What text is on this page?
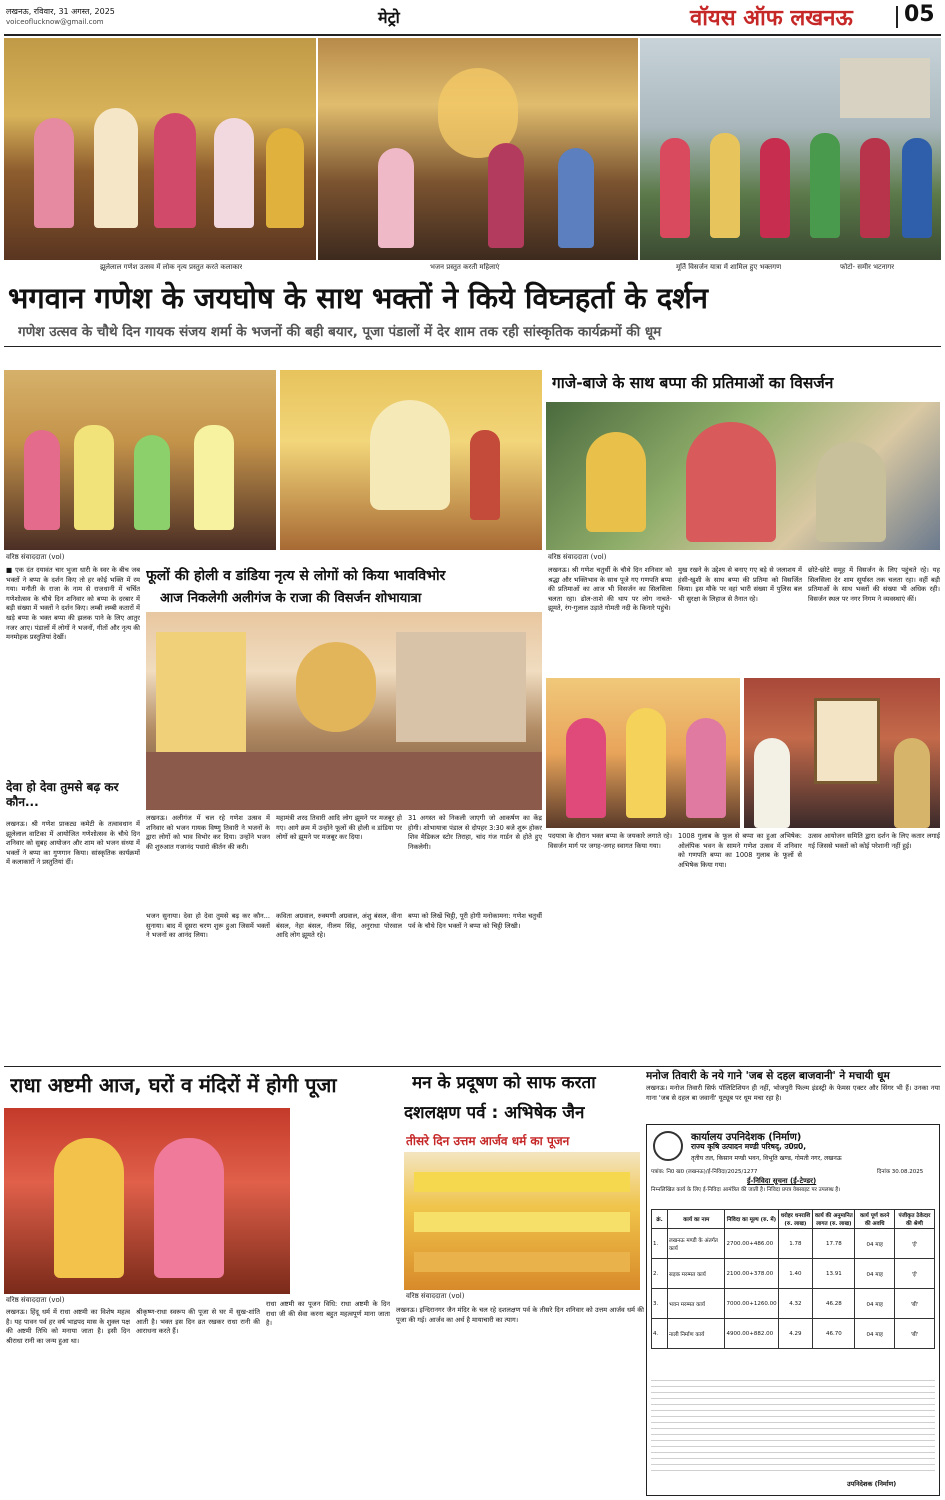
लखनऊ, रविवार, 31 अगस्त, 2025
voiceoflucknow@gmail.com	मेट्रो	वॉयस ऑफ लखनऊ 05
झूलेलाल गणेश उत्सव में लोक नृत्य प्रस्तुत करते कलाकार	भजन प्रस्तुत करती महिलाएं	मूर्ति विसर्जन यात्रा में शामिल हुए भक्तगण	फोटो- समीर भटनागर
भगवान गणेश के जयघोष के साथ भक्तों ने किये विघ्नहर्ता के दर्शन
गणेश उत्सव के चौथे दिन गायक संजय शर्मा के भजनों की बही बयार, पूजा पंडालों में देर शाम तक रही सांस्कृतिक कार्यक्रमों की धूम
गाजे-बाजे के साथ बप्पा की प्रतिमाओं का विसर्जन
वरिष्ठ संवाददाता (vol)	वरिष्ठ संवाददाता (vol)

■ एक दंत दयावंत चार भुजा धारी के स्वर के बीच जब भक्तों ने बप्पा के दर्शन किए तो हर कोई भक्ति में रम गया। मनौती के राजा के नाम से राजधानी में चर्चित गणेशोत्सव के चौथे दिन शनिवार को बप्पा के दरबार में बड़ी संख्या में भक्तों ने दर्शन किए। लम्बी लम्बी कतारों में खड़े बप्पा के भक्त बप्पा की झलक पाने के लिए आतुर नजर आए। पंडालों में लोगों ने भजनों, गीतों और नृत्य की मनमोहक प्रस्तुतियां देखीं।

देवा हो देवा तुमसे बढ़ कर कौन...

लखनऊ। श्री गणेश प्राकट्य कमेटी के तत्वावधान में झूलेलाल वाटिका में आयोजित गणेशोत्सव के चौथे दिन शनिवार को सुबह आयोजन और शाम को भजन संध्या में भक्तों ने बप्पा का गुणगान किया। सांस्कृतिक कार्यक्रमों में कलाकारों ने प्रस्तुतियां दीं।

फूलों की होली व डांडिया नृत्य से लोगों को किया भावविभोर
आज निकलेगी अलीगंज के राजा की विसर्जन शोभायात्रा

लखनऊ। अलीगंज में चल रहे गणेश उत्सव में शनिवार को भजन गायक विष्णु तिवारी ने भजनों के द्वारा लोगों को भाव विभोर कर दिया। उन्होंने भजन की शुरुआत गजानंद पधारो कीर्तन की करी।

महामंत्री शरद तिवारी आदि लोग झूमने पर मजबूर हो गए। आगे क्रम में उन्होंने फूलों की होली व डांडिया पर लोगों को झूमने पर मजबूर कर दिया।

31 अगस्त को निकली जाएगी जो आकर्षण का केंद्र होगी। शोभायात्रा पंडाल से दोपहर 3:30 बजे शुरू होकर शिव मेडिकल स्टोर तिराहा, चांद गंज गार्डन से होते हुए निकलेगी।

भजन सुनाया। देवा हो देवा तुमसे बढ़ कर कौन... सुनाया। बाद में दूसरा चरण शुरू हुआ जिसमें भक्तों ने भजनों का आनंद लिया।

कविता अग्रवाल, रुक्मणी अग्रवाल, अंशु बंसल, वीना बंसल, नेहा बंसल, नीलम सिंह, अनुराधा पोरवाल आदि लोग झूमते रहे।

बप्पा को लिखें चिट्ठी, पूरी होगी मनोकामना: गणेश चतुर्थी पर्व के चौथे दिन भक्तों ने बप्पा को चिट्ठी लिखी।

लखनऊ। श्री गणेश चतुर्थी के चौथे दिन शनिवार को श्रद्धा और भक्तिभाव के साथ पूजे गए गणपति बप्पा की प्रतिमाओं का आज भी विसर्जन का सिलसिला चलता रहा। ढोल-ताशे की थाप पर लोग नाचते-झूमते, रंग-गुलाल उड़ाते गोमती नदी के किनारे पहुंचे।

मुख रखने के उद्देश्य से बनाए गए बड़े से जलाशय में हंसी-खुशी के साथ बप्पा की प्रतिमा को विसर्जित किया। इस मौके पर वहां भारी संख्या में पुलिस बल भी सुरक्षा के लिहाज से तैनात रहे।

छोटे-छोटे समूह में विसर्जन के लिए पहुंचते रहे। यह सिलसिला देर शाम सूर्यास्त तक चलता रहा। वहीं बड़ी प्रतिमाओं के साथ भक्तों की संख्या भी अधिक रही। विसर्जन स्थल पर नगर निगम ने व्यवस्थाएं कीं।

पदयात्रा के दौरान भक्त बप्पा के जयकारे लगाते रहे। विसर्जन मार्ग पर जगह-जगह स्वागत किया गया।

1008 गुलाब के फूल से बप्पा का हुआ अभिषेक: ओलंपिक भवन के सामने गणेश उत्सव में शनिवार को गणपति बप्पा का 1008 गुलाब के फूलों से अभिषेक किया गया।

उत्सव आयोजन समिति द्वारा दर्शन के लिए कतार लगाई गई जिससे भक्तों को कोई परेशानी नहीं हुई।

राधा अष्टमी आज, घरों व मंदिरों में होगी पूजा
वरिष्ठ संवाददाता (vol)

लखनऊ। हिंदू धर्म में राधा अष्टमी का विशेष महत्व है। यह पावन पर्व हर वर्ष भाद्रपद मास के शुक्ल पक्ष की अष्टमी तिथि को मनाया जाता है। इसी दिन श्रीराधा रानी का जन्म हुआ था।

श्रीकृष्ण-राधा स्वरूप की पूजा से घर में सुख-शांति आती है। भक्त इस दिन व्रत रखकर राधा रानी की आराधना करते हैं।

राधा अष्टमी का पूजन विधि: राधा अष्टमी के दिन राधा जी की सेवा करना बहुत महत्वपूर्ण माना जाता है।

मन के प्रदूषण को साफ करता
दशलक्षण पर्व : अभिषेक जैन
तीसरे दिन उत्तम आर्जव धर्म का पूजन
वरिष्ठ संवाददाता (vol)

लखनऊ। इन्दिरानगर जैन मंदिर के चल रहे दशलक्षण पर्व के तीसरे दिन शनिवार को उत्तम आर्जव धर्म की पूजा की गई। आर्जव का अर्थ है मायाचारी का त्याग।

मनोज तिवारी के नये गाने 'जब से दहल बाजवानी' ने मचायी धूम

लखनऊ। मनोज तिवारी सिर्फ पॉलिटिशियन ही नहीं, भोजपुरी फिल्म इंडस्ट्री के फेमस एक्टर और सिंगर भी हैं। उनका नया गाना 'जब से दहल बा जवानी' यूट्यूब पर धूम मचा रहा है।

कार्यालय उपनिदेशक (निर्माण)
राज्य कृषि उत्पादन मण्डी परिषद्, उ0प्र0,
तृतीय तल, किसान मण्डी भवन, विभूति खण्ड, गोमती नगर, लखनऊ
पत्रांक: नि0 ख0 (लखनऊ)/ई-निविदा/2025/1277	दिनांक 30.08.2025
ई-निविदा सूचना (ई-टेण्डर)
निम्नलिखित कार्य के लिए ई-निविदा आमंत्रित की जाती है। निविदा प्रपत्र वेबसाइट पर उपलब्ध है।
क्रं.	कार्य का नाम	निविदा का मूल्य (रु. में)	धरोहर धनराशि (रु. लाख)	कार्य की अनुमानित लागत (रु. लाख)	कार्य पूर्ण करने की अवधि	पंजीकृत ठेकेदार की श्रेणी
1.	लखनऊ मण्डी के अंतर्गत कार्य	2700.00+486.00	1.78	17.78	04 माह	'ई'
2.	सड़क मरम्मत कार्य	2100.00+378.00	1.40	13.91	04 माह	'ई'
3.	भवन मरम्मत कार्य	7000.00+1260.00	4.32	46.28	04 माह	'बी'
4.	नाली निर्माण कार्य	4900.00+882.00	4.29	46.70	04 माह	'बी'
उपनिदेशक (निर्माण)
